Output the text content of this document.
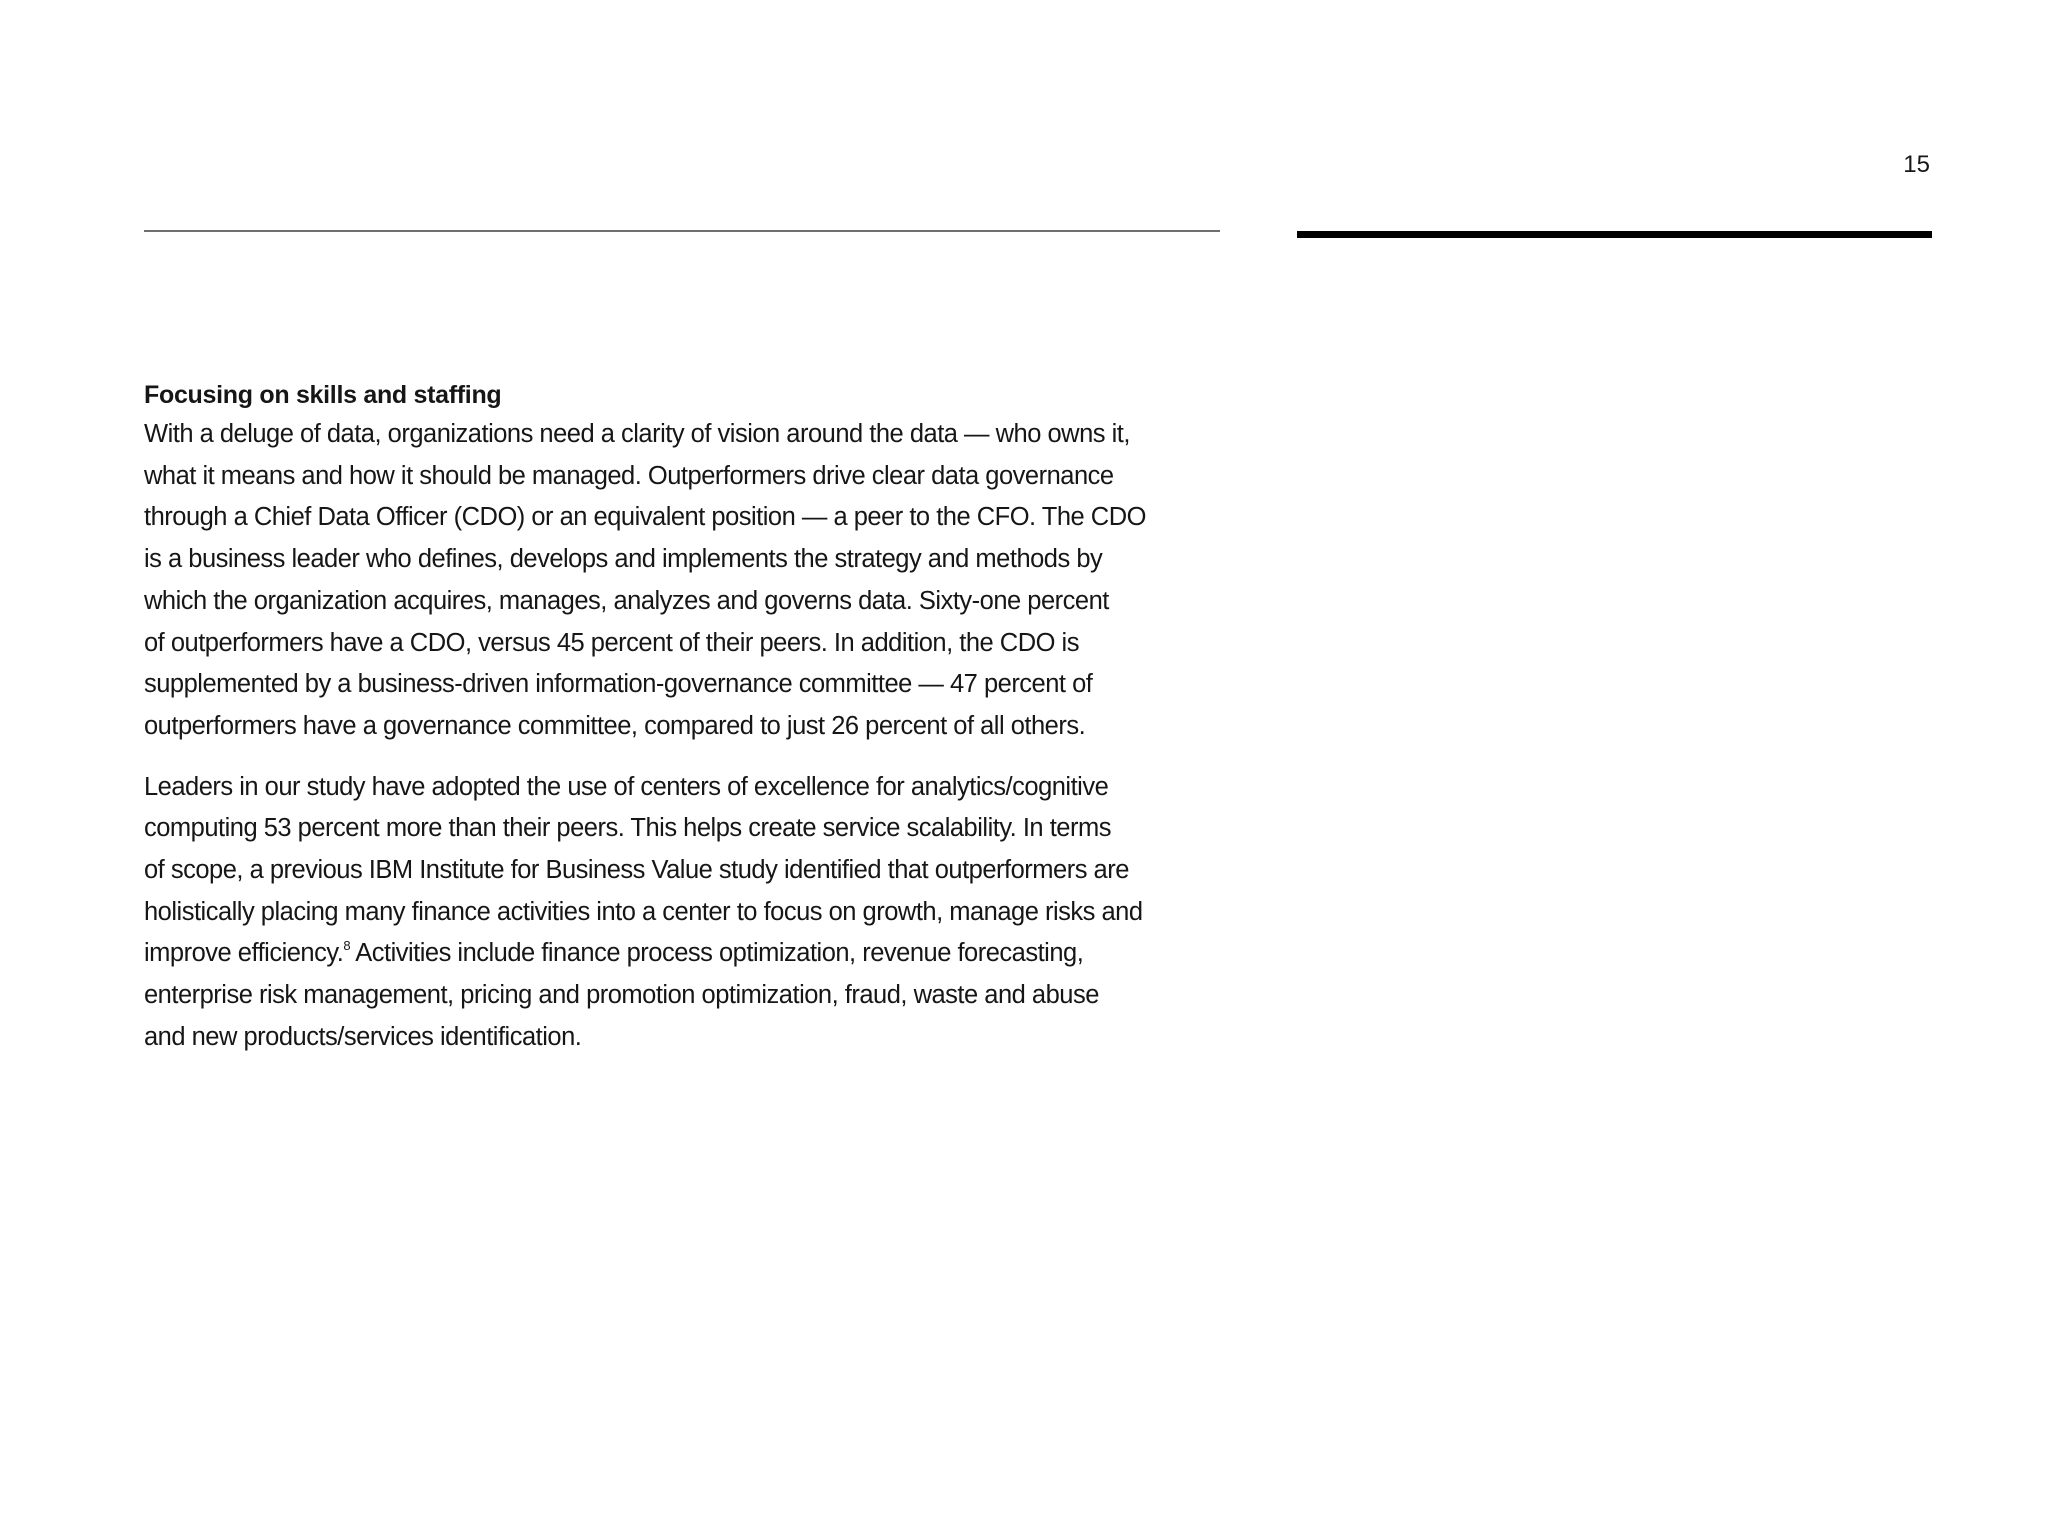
15
Focusing on skills and staffing

With a deluge of data, organizations need a clarity of vision around the data — who owns it,
what it means and how it should be managed. Outperformers drive clear data governance
through a Chief Data Officer (CDO) or an equivalent position — a peer to the CFO. The CDO
is a business leader who defines, develops and implements the strategy and methods by
which the organization acquires, manages, analyzes and governs data. Sixty-one percent
of outperformers have a CDO, versus 45 percent of their peers. In addition, the CDO is
supplemented by a business-driven information-governance committee — 47 percent of
outperformers have a governance committee, compared to just 26 percent of all others.

Leaders in our study have adopted the use of centers of excellence for analytics/cognitive
computing 53 percent more than their peers. This helps create service scalability. In terms
of scope, a previous IBM Institute for Business Value study identified that outperformers are
holistically placing many finance activities into a center to focus on growth, manage risks and
improve efficiency.$^8$ Activities include finance process optimization, revenue forecasting,
enterprise risk management, pricing and promotion optimization, fraud, waste and abuse
and new products/services identification.
